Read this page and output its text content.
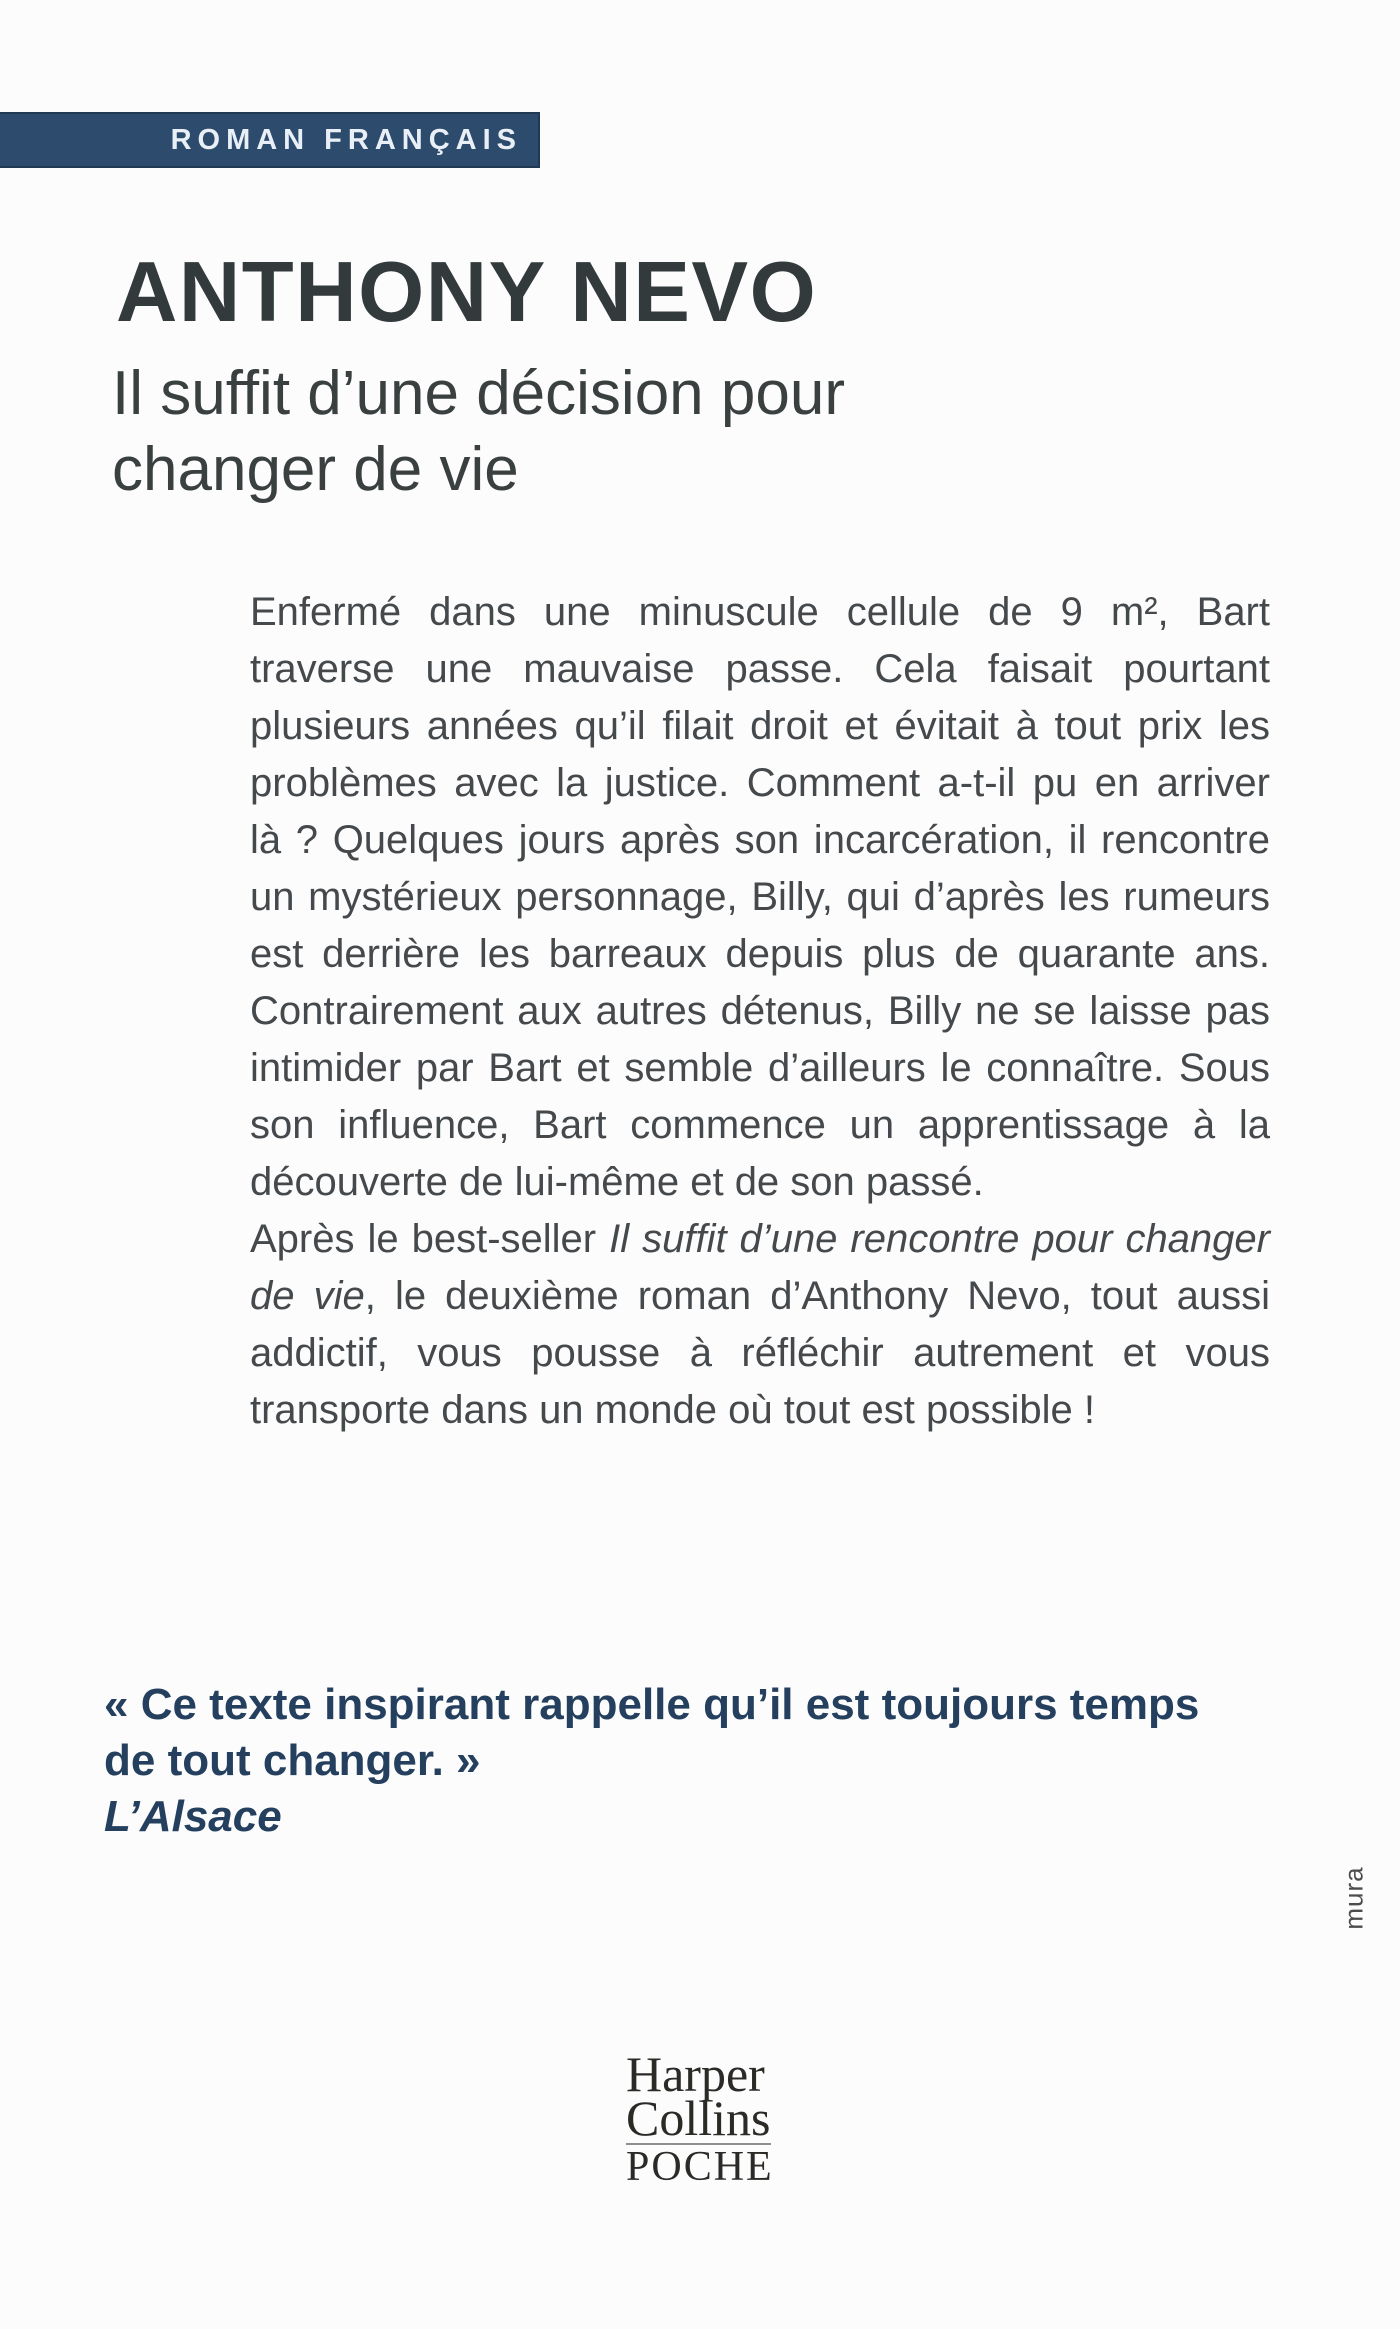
ROMAN FRANÇAIS
ANTHONY NEVO
Il suffit d’une décision pour
changer de vie

Enfermé dans une minuscule cellule de 9 m², Bart traverse une mauvaise passe. Cela faisait pourtant plusieurs années qu’il filait droit et évitait à tout prix les problèmes avec la justice. Comment a-t-il pu en arriver là ? Quelques jours après son incarcération, il rencontre un mystérieux personnage, Billy, qui d’après les rumeurs est derrière les barreaux depuis plus de quarante ans. Contrairement aux autres détenus, Billy ne se laisse pas intimider par Bart et semble d’ailleurs le connaître. Sous son influence, Bart commence un apprentissage à la découverte de lui-même et de son passé.

Après le best-seller Il suffit d’une rencontre pour changer de vie, le deuxième roman d’Anthony Nevo, tout aussi addictif, vous pousse à réfléchir autrement et vous transporte dans un monde où tout est possible !

« Ce texte inspirant rappelle qu’il est toujours temps
de tout changer. »
L’Alsace
mura
Harper
Collins
POCHE
